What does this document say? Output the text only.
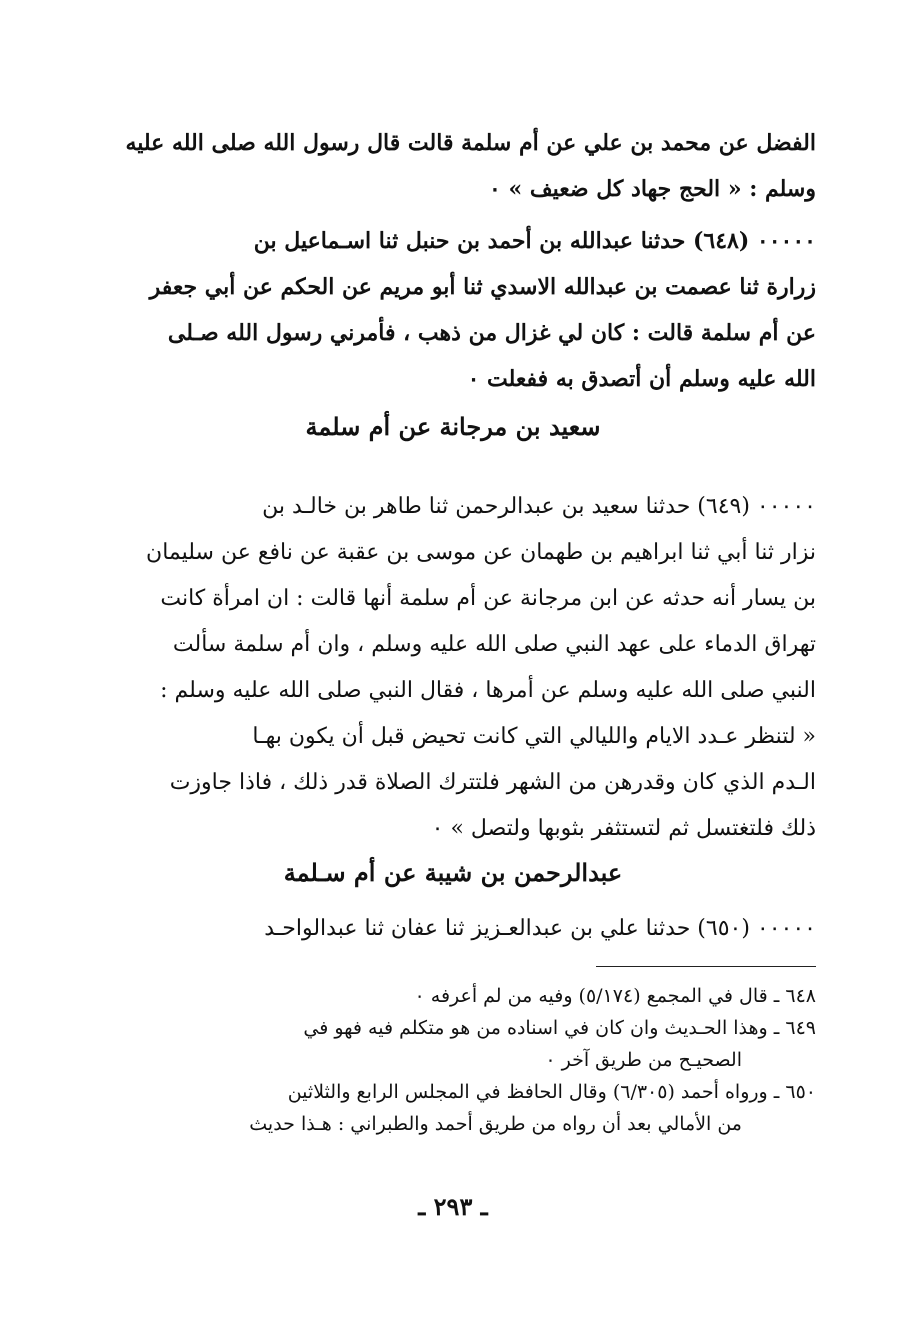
الفضل عن محمد بن علي عن أم سلمة قالت قال رسول الله صلى الله عليه
وسلم : « الحج جهاد كل ضعيف » ٠
٠٠٠٠٠ (٦٤٨) حدثنا عبدالله بن أحمد بن حنبل ثنا اسـماعيل بن
زرارة ثنا عصمت بن عبدالله الاسدي ثنا أبو مريم عن الحكم عن أبي جعفر
عن أم سلمة قالت : كان لي غزال من ذهب ، فأمرني رسول الله صـلى
الله عليه وسلم أن أتصدق به ففعلت ٠
سعيد بن مرجانة عن أم سلمة
٠٠٠٠٠ (٦٤٩) حدثنا سعيد بن عبدالرحمن ثنا طاهر بن خالـد بن
نزار ثنا أبي ثنا ابراهيم بن طهمان عن موسى بن عقبة عن نافع عن سليمان
بن يسار أنه حدثه عن ابن مرجانة عن أم سلمة أنها قالت : ان امرأة كانت
تهراق الدماء على عهد النبي صلى الله عليه وسلم ، وان أم سلمة سألت
النبي صلى الله عليه وسلم عن أمرها ، فقال النبي صلى الله عليه وسلم :
« لتنظر عـدد الايام والليالي التي كانت تحيض قبل أن يكون بهـا
الـدم الذي كان وقدرهن من الشهر فلتترك الصلاة قدر ذلك ، فاذا جاوزت
ذلك فلتغتسل ثم لتستثفر بثوبها ولتصل » ٠
عبدالرحمن بن شيبة عن أم سـلمة
٠٠٠٠٠ (٦٥٠) حدثنا علي بن عبدالعـزيز ثنا عفان ثنا عبدالواحـد
٦٤٨ ـ قال في المجمع (٥/١٧٤) وفيه من لم أعرفه ٠
٦٤٩ ـ وهذا الحـديث وان كان في اسناده من هو متكلم فيه فهو في
الصحيـح من طريق آخر ٠
٦٥٠ ـ ورواه أحمد (٦/٣٠٥) وقال الحافظ في المجلس الرابع والثلاثين
من الأمالي بعد أن رواه من طريق أحمد والطبراني : هـذا حديث
ـ ٢٩٣ ـ
